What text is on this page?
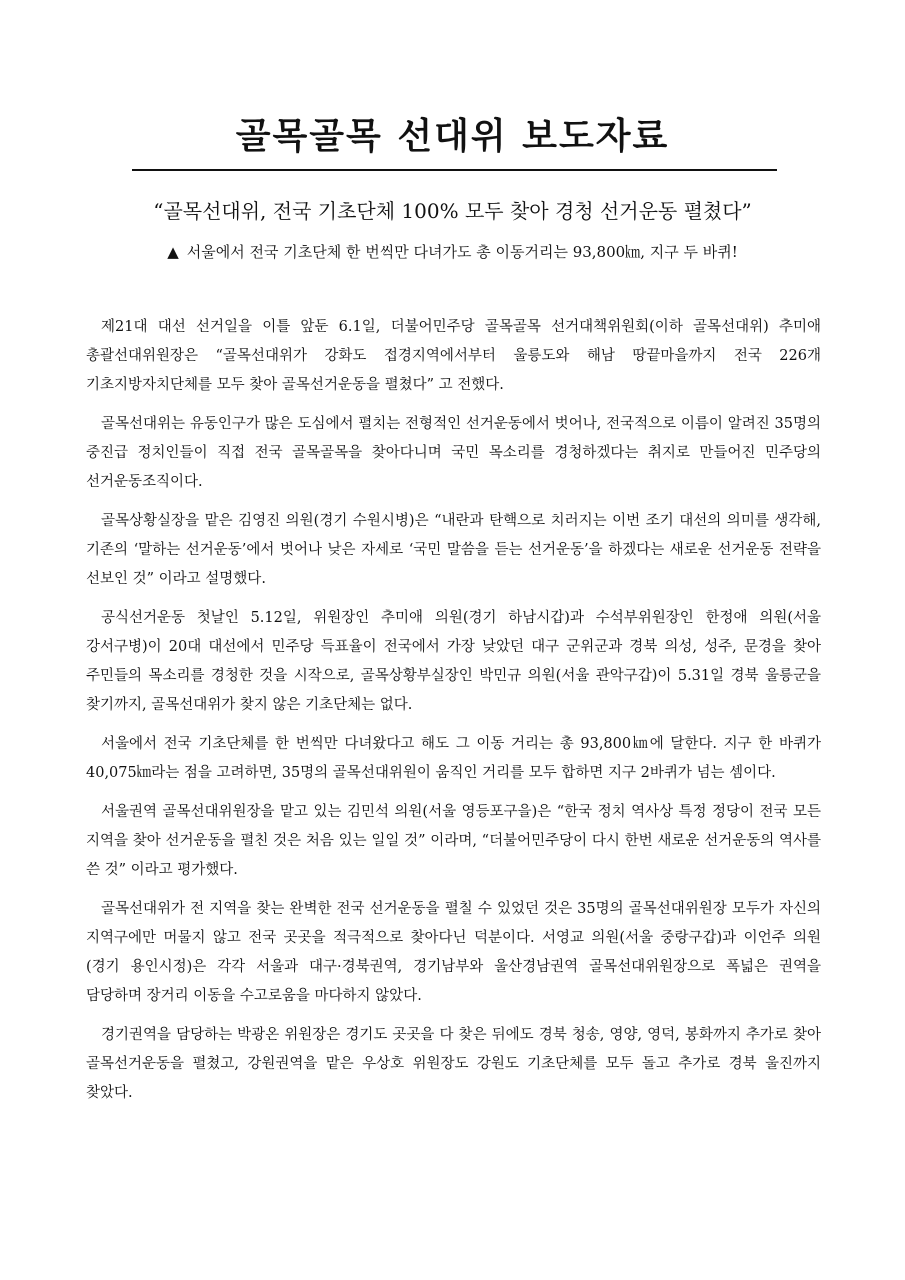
골목골목 선대위 보도자료

“골목선대위, 전국 기초단체 100% 모두 찾아 경청 선거운동 펼쳤다”

▲ 서울에서 전국 기초단체 한 번씩만 다녀가도 총 이동거리는 93,800㎞, 지구 두 바퀴!

제21대 대선 선거일을 이틀 앞둔 6.1일, 더불어민주당 골목골목 선거대책위원회(이하 골목선대위) 추미애 총괄선대위원장은 “골목선대위가 강화도 접경지역에서부터 울릉도와 해남 땅끝마을까지 전국 226개 기초지방자치단체를 모두 찾아 골목선거운동을 펼쳤다” 고 전했다.

골목선대위는 유동인구가 많은 도심에서 펼치는 전형적인 선거운동에서 벗어나, 전국적으로 이름이 알려진 35명의 중진급 정치인들이 직접 전국 골목골목을 찾아다니며 국민 목소리를 경청하겠다는 취지로 만들어진 민주당의 선거운동조직이다.

골목상황실장을 맡은 김영진 의원(경기 수원시병)은 “내란과 탄핵으로 치러지는 이번 조기 대선의 의미를 생각해, 기존의 ‘말하는 선거운동’에서 벗어나 낮은 자세로 ‘국민 말씀을 듣는 선거운동’을 하겠다는 새로운 선거운동 전략을 선보인 것” 이라고 설명했다.

공식선거운동 첫날인 5.12일, 위원장인 추미애 의원(경기 하남시갑)과 수석부위원장인 한정애 의원(서울 강서구병)이 20대 대선에서 민주당 득표율이 전국에서 가장 낮았던 대구 군위군과 경북 의성, 성주, 문경을 찾아 주민들의 목소리를 경청한 것을 시작으로, 골목상황부실장인 박민규 의원(서울 관악구갑)이 5.31일 경북 울릉군을 찾기까지, 골목선대위가 찾지 않은 기초단체는 없다.

서울에서 전국 기초단체를 한 번씩만 다녀왔다고 해도 그 이동 거리는 총 93,800㎞에 달한다. 지구 한 바퀴가 40,075㎞라는 점을 고려하면, 35명의 골목선대위원이 움직인 거리를 모두 합하면 지구 2바퀴가 넘는 셈이다.

서울권역 골목선대위원장을 맡고 있는 김민석 의원(서울 영등포구을)은 “한국 정치 역사상 특정 정당이 전국 모든 지역을 찾아 선거운동을 펼친 것은 처음 있는 일일 것” 이라며, “더불어민주당이 다시 한번 새로운 선거운동의 역사를 쓴 것” 이라고 평가했다.

골목선대위가 전 지역을 찾는 완벽한 전국 선거운동을 펼칠 수 있었던 것은 35명의 골목선대위원장 모두가 자신의 지역구에만 머물지 않고 전국 곳곳을 적극적으로 찾아다닌 덕분이다. 서영교 의원(서울 중랑구갑)과 이언주 의원(경기 용인시정)은 각각 서울과 대구·경북권역, 경기남부와 울산경남권역 골목선대위원장으로 폭넓은 권역을 담당하며 장거리 이동을 수고로움을 마다하지 않았다.

경기권역을 담당하는 박광온 위원장은 경기도 곳곳을 다 찾은 뒤에도 경북 청송, 영양, 영덕, 봉화까지 추가로 찾아 골목선거운동을 펼쳤고, 강원권역을 맡은 우상호 위원장도 강원도 기초단체를 모두 돌고 추가로 경북 울진까지 찾았다.
